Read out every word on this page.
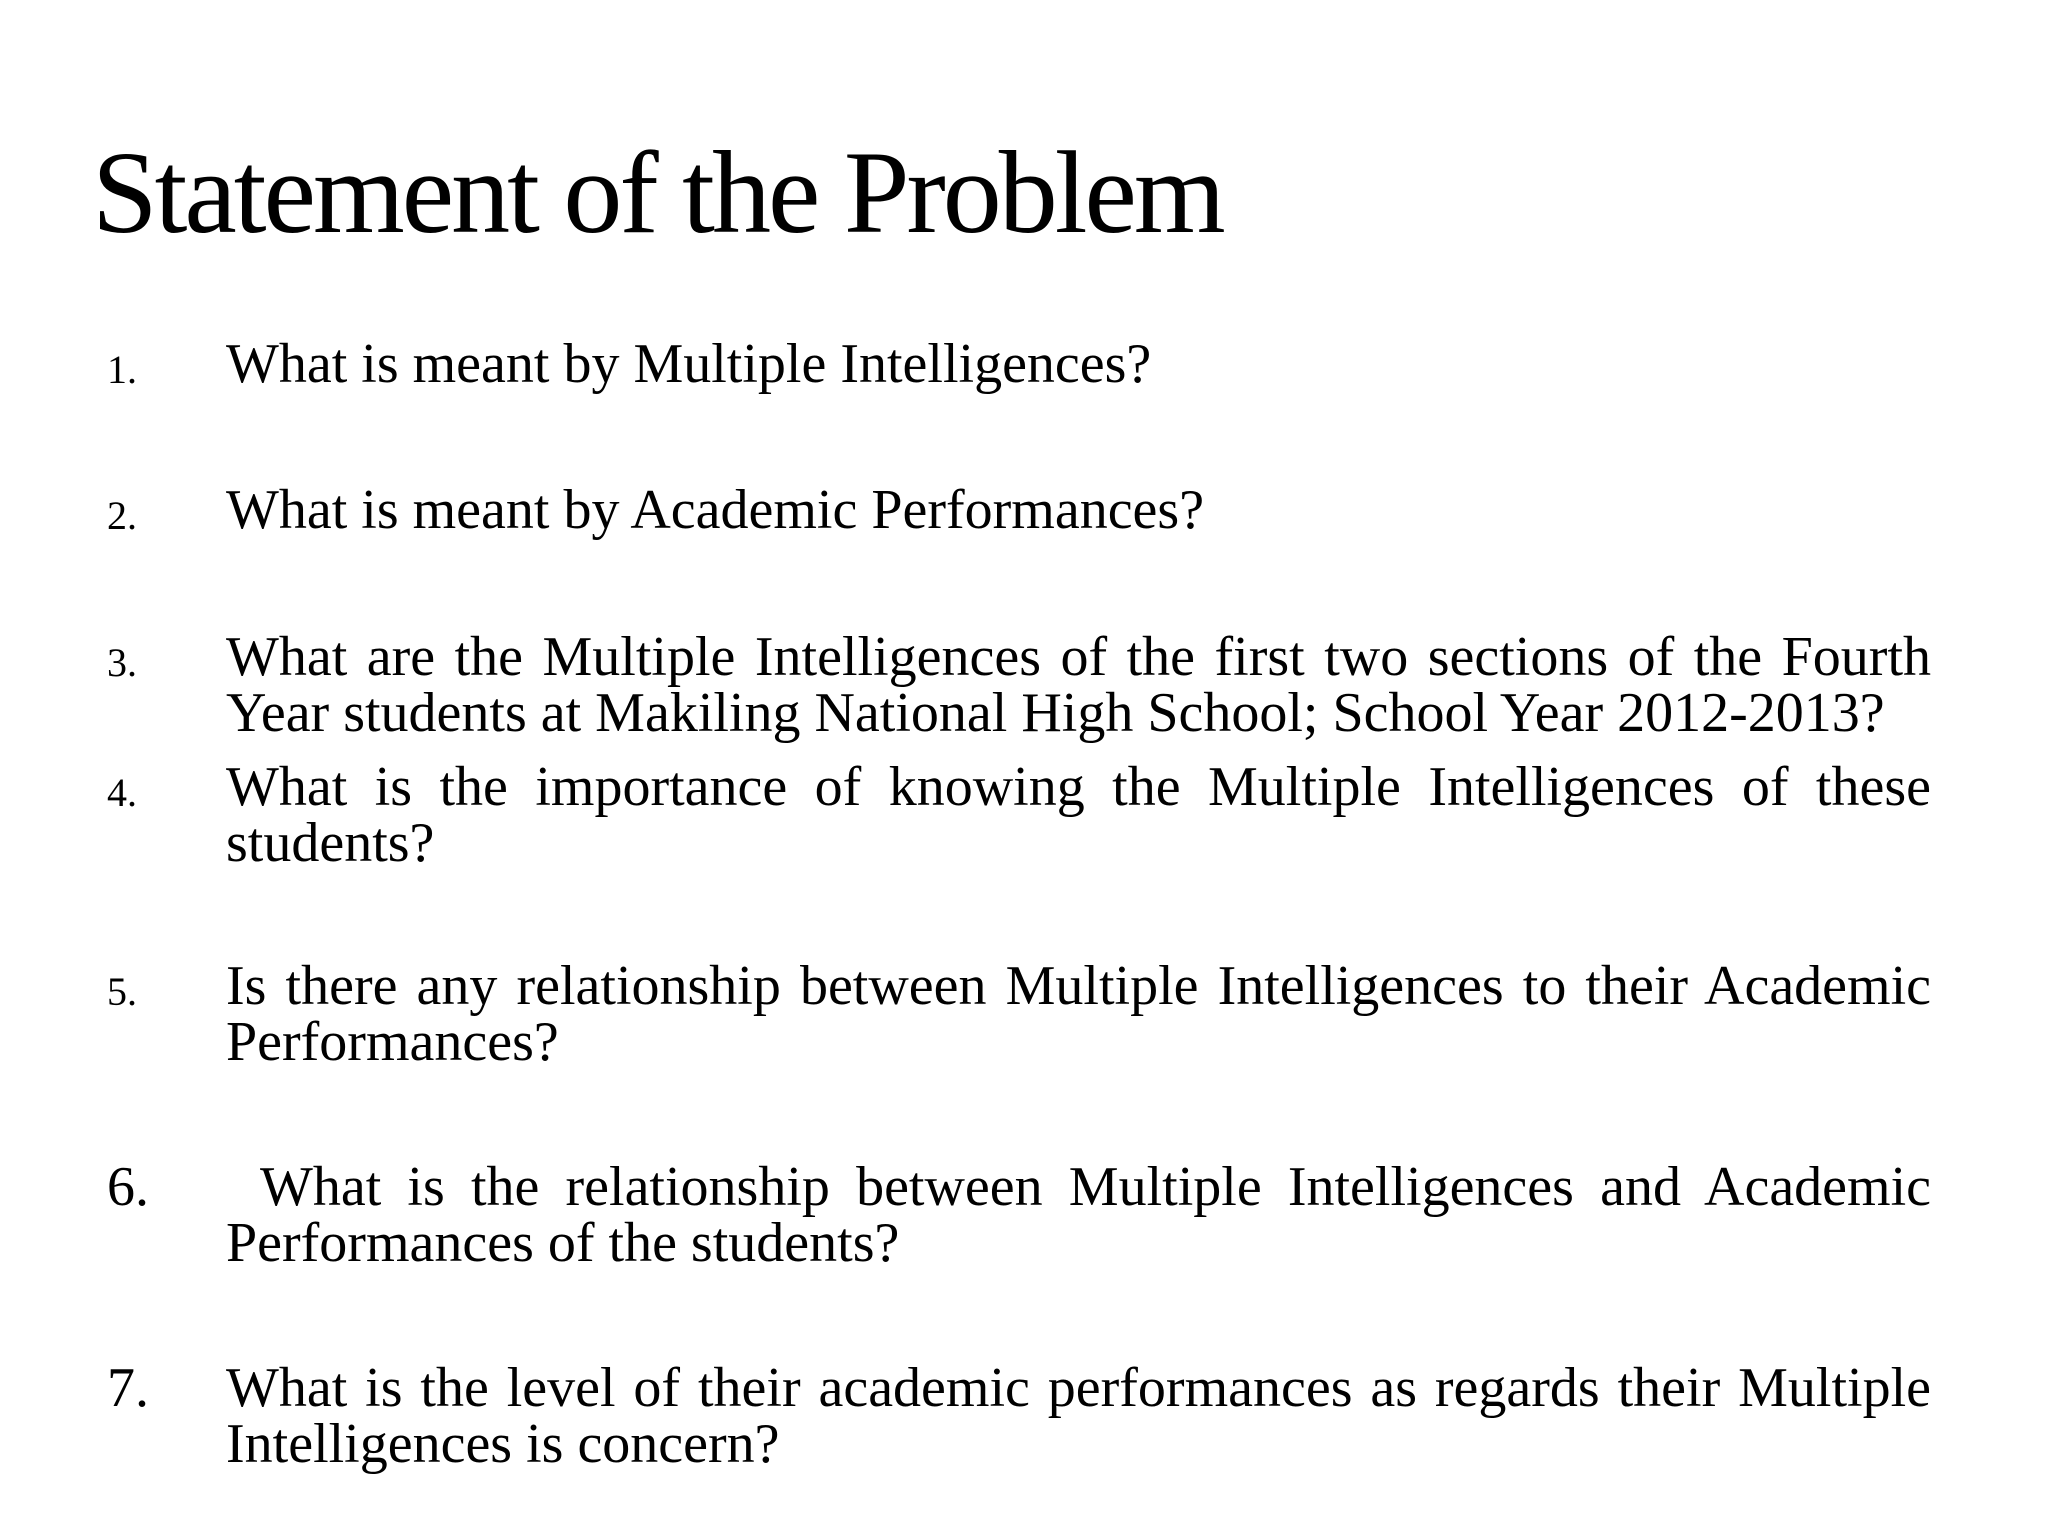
Statement of the Problem
1. What is meant by Multiple Intelligences?
2. What is meant by Academic Performances?
3. What are the Multiple Intelligences of the first two sections of the Fourth Year students at Makiling National High School; School Year 2012-2013?
4. What is the importance of knowing the Multiple Intelligences of these students?
5. Is there any relationship between Multiple Intelligences to their Academic Performances?
6.	What is the relationship between Multiple Intelligences and Academic Performances of the students?
7. What is the level of their academic performances as regards their Multiple Intelligences is concern?
